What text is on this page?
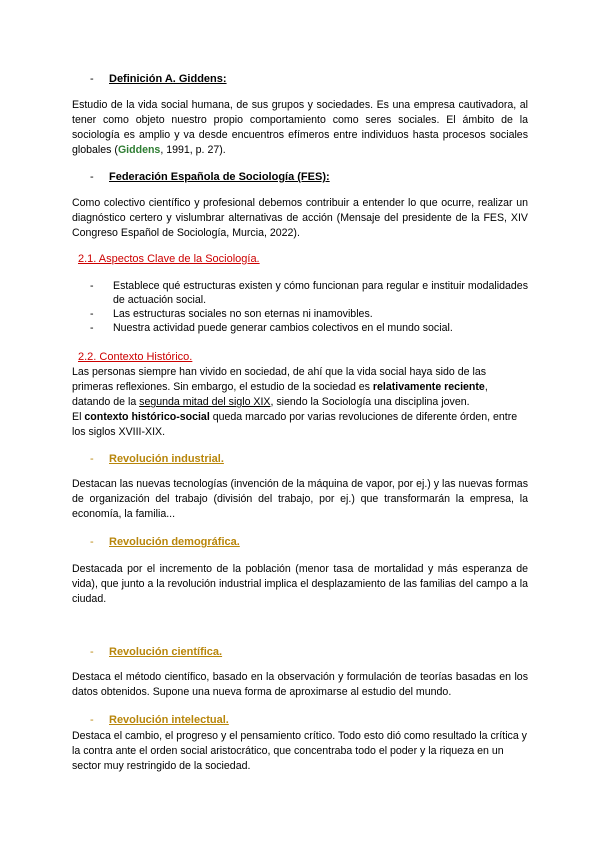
- Definición A. Giddens:

Estudio de la vida social humana, de sus grupos y sociedades. Es una empresa cautivadora, al tener como objeto nuestro propio comportamiento como seres sociales. El ámbito de la sociología es amplio y va desde encuentros efímeros entre individuos hasta procesos sociales globales (Giddens, 1991, p. 27).

- Federación Española de Sociología (FES):

Como colectivo científico y profesional debemos contribuir a entender lo que ocurre, realizar un diagnóstico certero y vislumbrar alternativas de acción (Mensaje del presidente de la FES, XIV Congreso Español de Sociología, Murcia, 2022).

2.1. Aspectos Clave de la Sociología.
- Establece qué estructuras existen y cómo funcionan para regular e instituir modalidades de actuación social.
- Las estructuras sociales no son eternas ni inamovibles.
- Nuestra actividad puede generar cambios colectivos en el mundo social.
2.2. Contexto Histórico.

Las personas siempre han vivido en sociedad, de ahí que la vida social haya sido de las primeras reflexiones. Sin embargo, el estudio de la sociedad es relativamente reciente, datando de la segunda mitad del siglo XIX, siendo la Sociología una disciplina joven.
El contexto histórico-social queda marcado por varias revoluciones de diferente órden, entre los siglos XVIII-XIX.

- Revolución industrial.

Destacan las nuevas tecnologías (invención de la máquina de vapor, por ej.) y las nuevas formas de organización del trabajo (división del trabajo, por ej.) que transformarán la empresa, la economía, la familia...

- Revolución demográfica.

Destacada por el incremento de la población (menor tasa de mortalidad y más esperanza de vida), que junto a la revolución industrial implica el desplazamiento de las familias del campo a la ciudad.

- Revolución científica.

Destaca el método científico, basado en la observación y formulación de teorías basadas en los datos obtenidos. Supone una nueva forma de aproximarse al estudio del mundo.

- Revolución intelectual.

Destaca el cambio, el progreso y el pensamiento crítico. Todo esto dió como resultado la crítica y la contra ante el orden social aristocrático, que concentraba todo el poder y la riqueza en un sector muy restringido de la sociedad.
